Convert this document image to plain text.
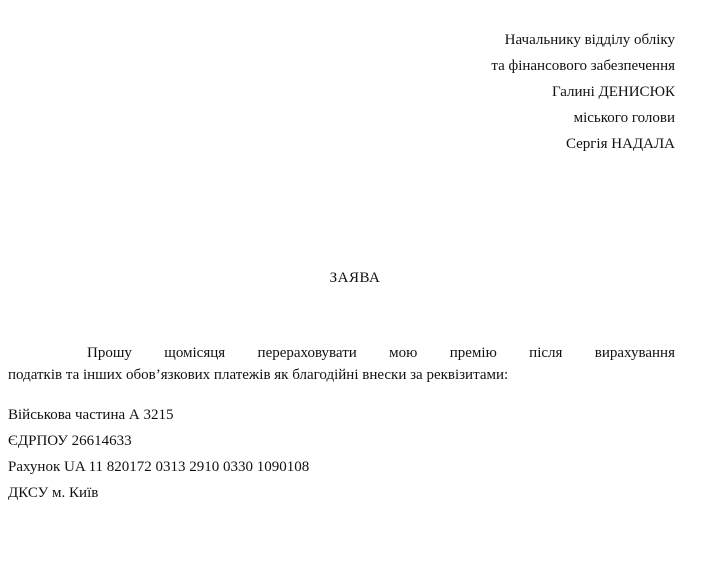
Начальнику відділу обліку
та фінансового забезпечення
Галині ДЕНИСЮК
міського голови
Сергія НАДАЛА
ЗАЯВА
Прошу щомісяця перераховувати мою премію після вирахування
податків та інших обов’язкових платежів як благодійні внески за реквізитами:
Військова частина А 3215
ЄДРПОУ 26614633
Рахунок UA 11 820172 0313 2910 0330 1090108
ДКСУ м. Київ
